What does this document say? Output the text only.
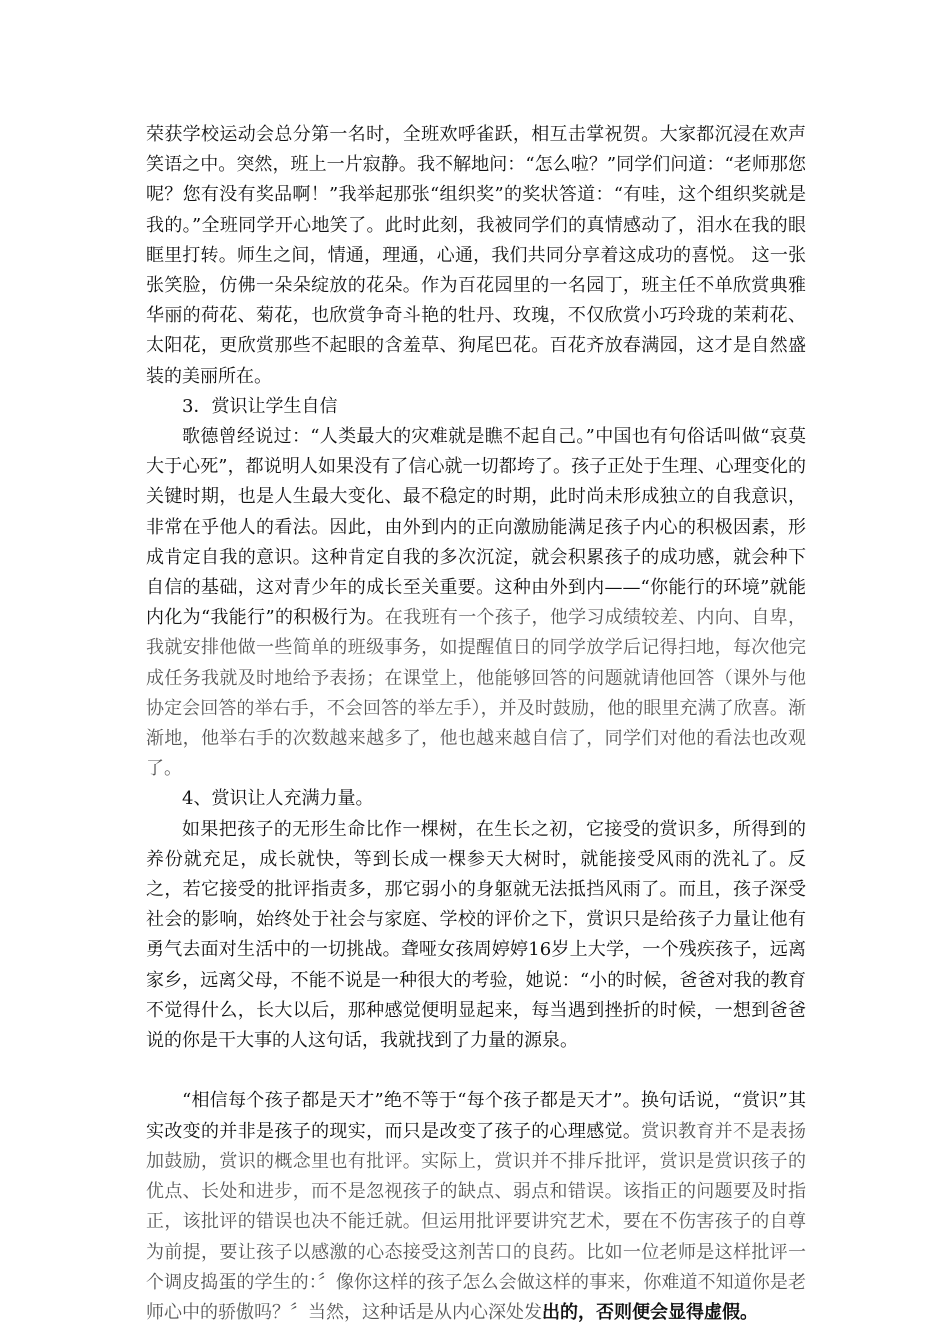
荣获学校运动会总分第一名时，全班欢呼雀跃，相互击掌祝贺。大家都沉浸在欢声笑语之中。突然，班上一片寂静。我不解地问：“怎么啦？”同学们问道：“老师那您呢？您有没有奖品啊！”我举起那张“组织奖”的奖状答道：“有哇，这个组织奖就是我的。”全班同学开心地笑了。此时此刻，我被同学们的真情感动了，泪水在我的眼眶里打转。师生之间，情通，理通，心通，我们共同分享着这成功的喜悦。 这一张张笑脸，仿佛一朵朵绽放的花朵。作为百花园里的一名园丁，班主任不单欣赏典雅华丽的荷花、菊花，也欣赏争奇斗艳的牡丹、玫瑰，不仅欣赏小巧玲珑的茉莉花、太阳花，更欣赏那些不起眼的含羞草、狗尾巴花。百花齐放春满园，这才是自然盛装的美丽所在。

3．赏识让学生自信

歌德曾经说过：“人类最大的灾难就是瞧不起自己。”中国也有句俗话叫做“哀莫大于心死”，都说明人如果没有了信心就一切都垮了。孩子正处于生理、心理变化的关键时期，也是人生最大变化、最不稳定的时期，此时尚未形成独立的自我意识，非常在乎他人的看法。因此，由外到内的正向激励能满足孩子内心的积极因素，形成肯定自我的意识。这种肯定自我的多次沉淀，就会积累孩子的成功感，就会种下自信的基础，这对青少年的成长至关重要。这种由外到内——“你能行的环境”就能内化为“我能行”的积极行为。在我班有一个孩子，他学习成绩较差、内向、自卑，我就安排他做一些简单的班级事务，如提醒值日的同学放学后记得扫地，每次他完成任务我就及时地给予表扬；在课堂上，他能够回答的问题就请他回答（课外与他协定会回答的举右手，不会回答的举左手），并及时鼓励，他的眼里充满了欣喜。渐渐地，他举右手的次数越来越多了，他也越来越自信了，同学们对他的看法也改观了。

4、赏识让人充满力量。

如果把孩子的无形生命比作一棵树，在生长之初，它接受的赏识多，所得到的养份就充足，成长就快，等到长成一棵参天大树时，就能接受风雨的洗礼了。反之，若它接受的批评指责多，那它弱小的身躯就无法抵挡风雨了。而且，孩子深受社会的影响，始终处于社会与家庭、学校的评价之下，赏识只是给孩子力量让他有勇气去面对生活中的一切挑战。聋哑女孩周婷婷16岁上大学，一个残疾孩子，远离家乡，远离父母，不能不说是一种很大的考验，她说：“小的时候，爸爸对我的教育不觉得什么，长大以后，那种感觉便明显起来，每当遇到挫折的时候，一想到爸爸说的你是干大事的人这句话，我就找到了力量的源泉。

“相信每个孩子都是天才”绝不等于“每个孩子都是天才”。换句话说，“赏识”其实改变的并非是孩子的现实，而只是改变了孩子的心理感觉。赏识教育并不是表扬加鼓励，赏识的概念里也有批评。实际上，赏识并不排斥批评，赏识是赏识孩子的优点、长处和进步，而不是忽视孩子的缺点、弱点和错误。该指正的问题要及时指正，该批评的错误也决不能迁就。但运用批评要讲究艺术，要在不伤害孩子的自尊为前提，要让孩子以感激的心态接受这剂苦口的良药。比如一位老师是这样批评一个调皮捣蛋的学生的：〞像你这样的孩子怎么会做这样的事来，你难道不知道你是老师心中的骄傲吗？〞当然，这种话是从内心深处发出的，否则便会显得虚假。
